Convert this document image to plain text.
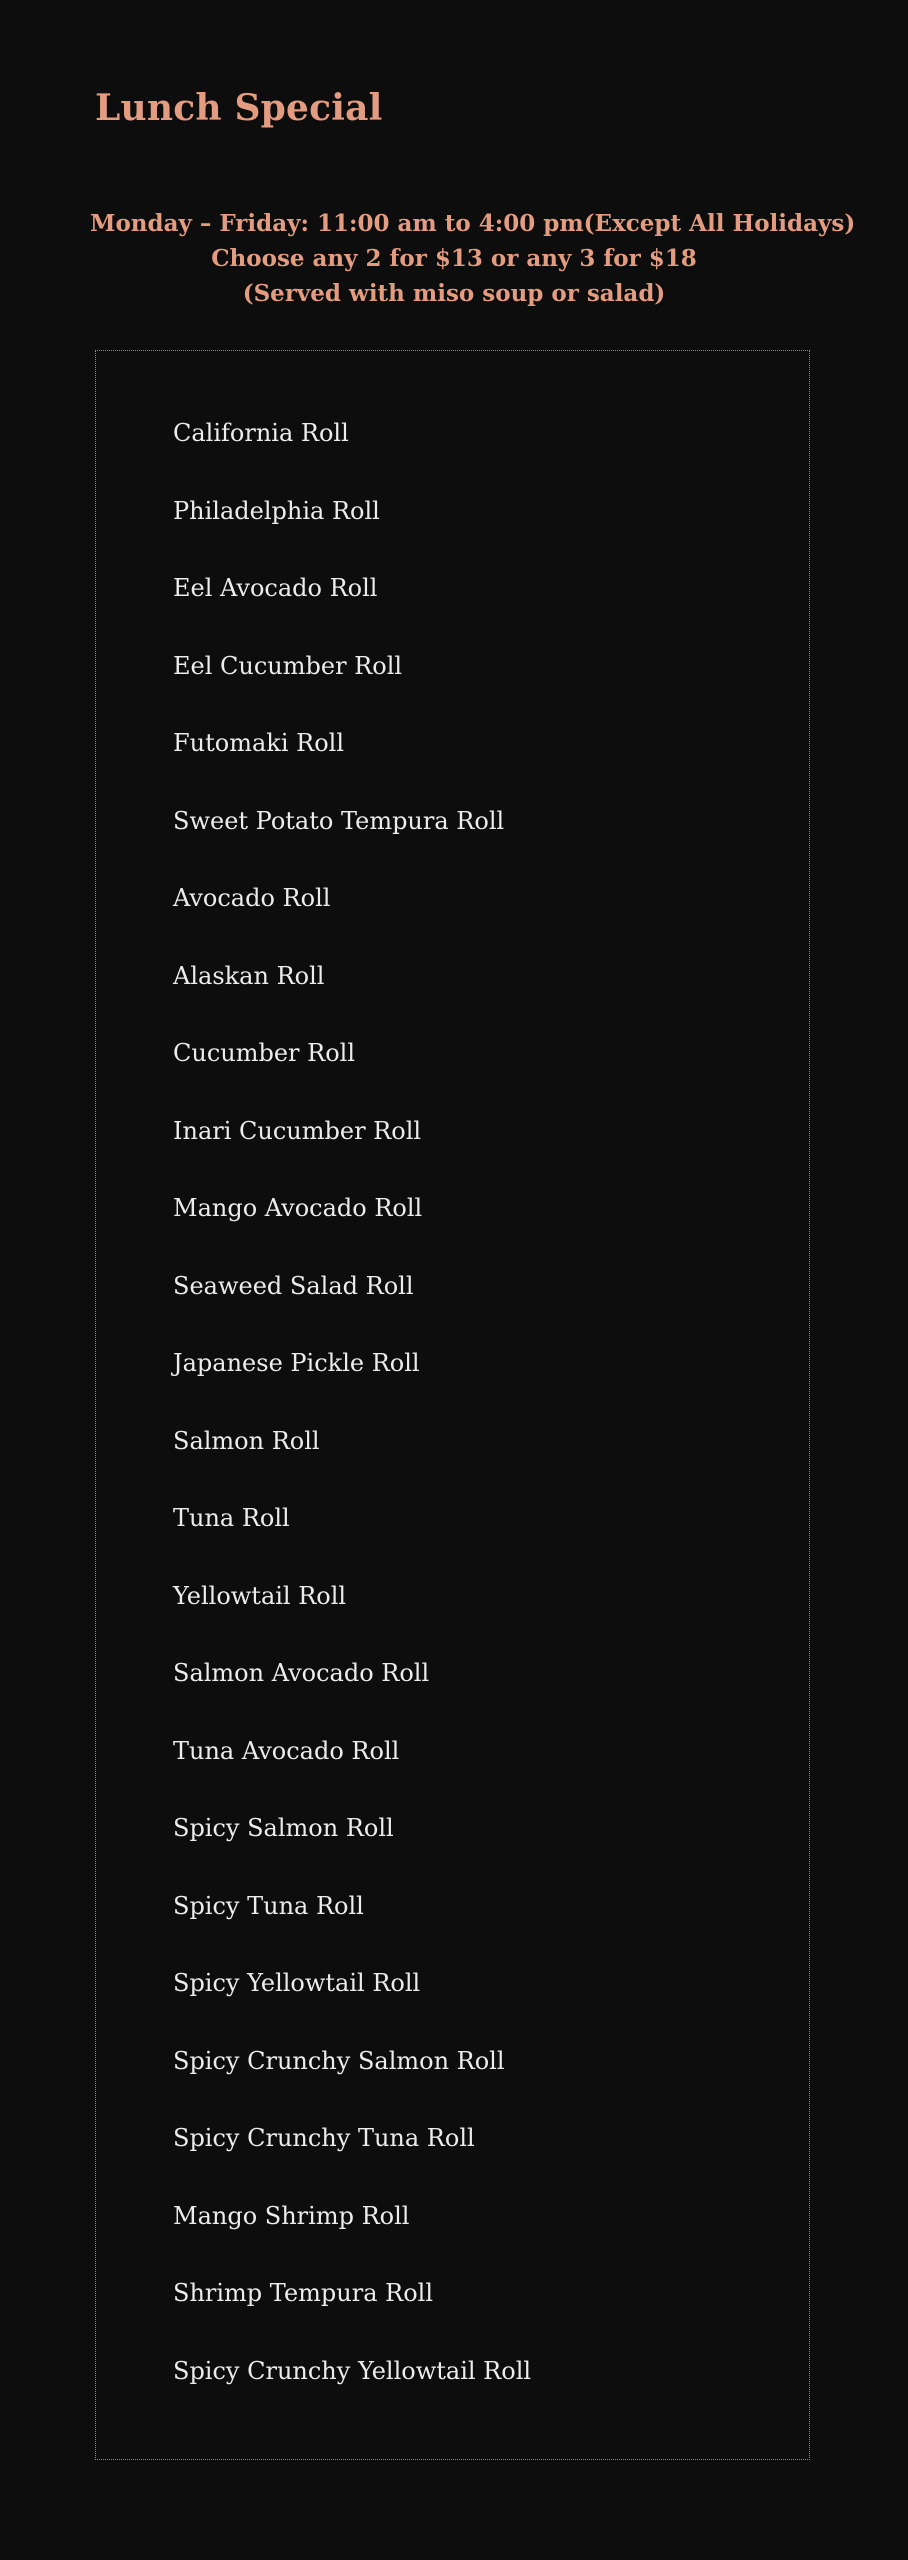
Lunch Special
Monday – Friday: 11:00 am to 4:00 pm(Except All Holidays)
Choose any 2 for $13 or any 3 for $18
(Served with miso soup or salad)
California Roll
Philadelphia Roll
Eel Avocado Roll
Eel Cucumber Roll
Futomaki Roll
Sweet Potato Tempura Roll
Avocado Roll
Alaskan Roll
Cucumber Roll
Inari Cucumber Roll
Mango Avocado Roll
Seaweed Salad Roll
Japanese Pickle Roll
Salmon Roll
Tuna Roll
Yellowtail Roll
Salmon Avocado Roll
Tuna Avocado Roll
Spicy Salmon Roll
Spicy Tuna Roll
Spicy Yellowtail Roll
Spicy Crunchy Salmon Roll
Spicy Crunchy Tuna Roll
Mango Shrimp Roll
Shrimp Tempura Roll
Spicy Crunchy Yellowtail Roll
